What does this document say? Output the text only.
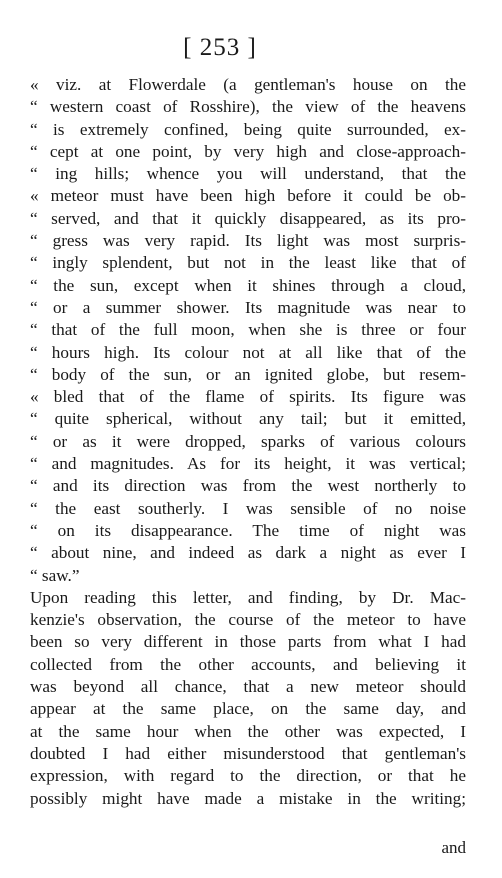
[ 253 ]
« viz. at Flowerdale (a gentleman's house on the
“ western coast of Rosshire), the view of the heavens
“ is extremely confined, being quite surrounded, ex-
“ cept at one point, by very high and close-approach-
“ ing hills; whence you will understand, that the
« meteor must have been high before it could be ob-
“ served, and that it quickly disappeared, as its pro-
“ gress was very rapid. Its light was most surpris-
“ ingly splendent, but not in the least like that of
“ the sun, except when it shines through a cloud,
“ or a summer shower. Its magnitude was near to
“ that of the full moon, when she is three or four
“ hours high. Its colour not at all like that of the
“ body of the sun, or an ignited globe, but resem-
« bled that of the flame of spirits. Its figure was
“ quite spherical, without any tail; but it emitted,
“ or as it were dropped, sparks of various colours
“ and magnitudes. As for its height, it was vertical;
“ and its direction was from the west northerly to
“ the east southerly. I was sensible of no noise
“ on its disappearance. The time of night was
“ about nine, and indeed as dark a night as ever I
“ saw.”
Upon reading this letter, and finding, by Dr. Mac-
kenzie's observation, the course of the meteor to have
been so very different in those parts from what I had
collected from the other accounts, and believing it
was beyond all chance, that a new meteor should
appear at the same place, on the same day, and
at the same hour when the other was expected, I
doubted I had either misunderstood that gentleman's
expression, with regard to the direction, or that he
possibly might have made a mistake in the writing;
and
